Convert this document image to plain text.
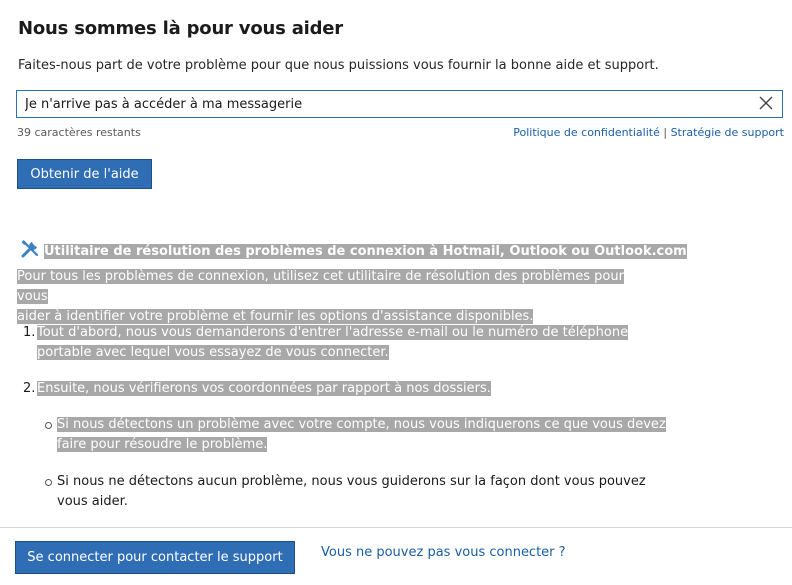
Nous sommes là pour vous aider
Faites-nous part de votre problème pour que nous puissions vous fournir la bonne aide et support.
Je n'arrive pas à accéder à ma messagerie
39 caractères restants	Politique de confidentialité | Stratégie de support
Obtenir de l'aide
Utilitaire de résolution des problèmes de connexion à Hotmail, Outlook ou Outlook.com
Pour tous les problèmes de connexion, utilisez cet utilitaire de résolution des problèmes pour vous
aider à identifier votre problème et fournir les options d'assistance disponibles.
1. Tout d'abord, nous vous demanderons d'entrer l'adresse e-mail ou le numéro de téléphone
portable avec lequel vous essayez de vous connecter.
2. Ensuite, nous vérifierons vos coordonnées par rapport à nos dossiers.
Si nous détectons un problème avec votre compte, nous vous indiquerons ce que vous devez
faire pour résoudre le problème.
Si nous ne détectons aucun problème, nous vous guiderons sur la façon dont vous pouvez
vous aider.
Se connecter pour contacter le support	Vous ne pouvez pas vous connecter ?
